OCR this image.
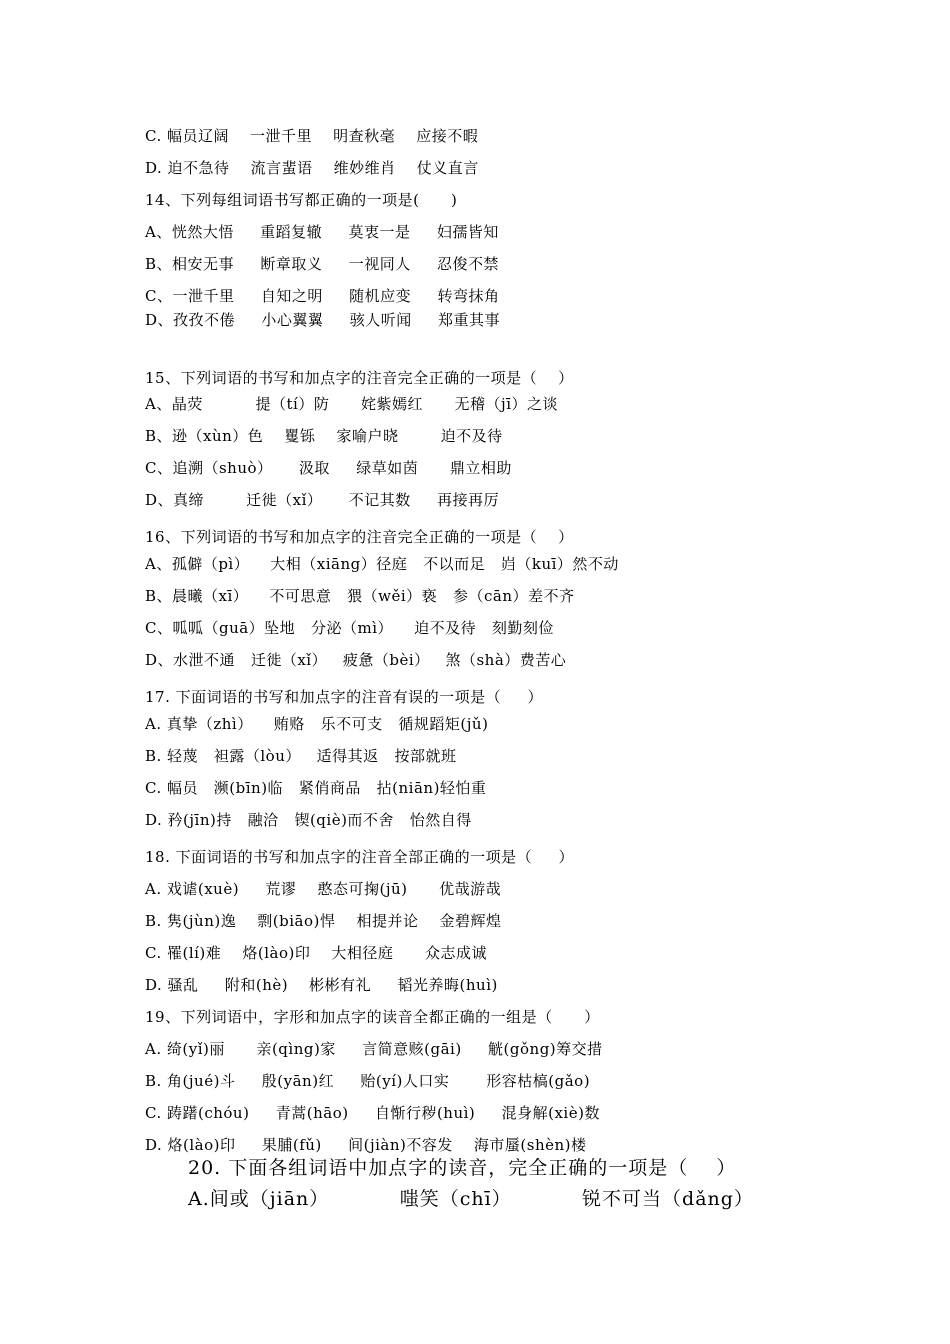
C. 幅员辽阔    一泄千里    明查秋毫    应接不暇
D. 迫不急待    流言蜚语    维妙维肖    仗义直言
14、下列每组词语书写都正确的一项是(      )
A、恍然大悟     重蹈复辙     莫衷一是     妇孺皆知
B、相安无事     断章取义     一视同人     忍俊不禁
C、一泄千里     自知之明     随机应变     转弯抹角
D、孜孜不倦     小心翼翼     骇人听闻     郑重其事
15、下列词语的书写和加点字的注音完全正确的一项是（    ）
A、晶荧          提（tí）防      姹紫嫣红      无稽（jī）之谈
B、逊（xùn）色    矍铄    家喻户晓        迫不及待
C、追溯（shuò）     汲取     绿草如茵      鼎立相助
D、真缔        迁徙（xǐ）     不记其数     再接再厉
16、下列词语的书写和加点字的注音完全正确的一项是（    ）
A、孤僻（pì）    大相（xiāng）径庭   不以而足   岿（kuī）然不动
B、晨曦（xī）    不可思意   猥（wěi）亵   参（cān）差不齐
C、呱呱（guā）坠地   分泌（mì）    迫不及待   刻勤刻俭
D、水泄不通   迁徙（xǐ）   疲惫（bèi）   煞（shà）费苦心
17. 下面词语的书写和加点字的注音有误的一项是（     ）
A. 真挚（zhì）    贿赂   乐不可支   循规蹈矩(jǔ)
B. 轻蔑   袒露（lòu）   适得其返   按部就班
C. 幅员   濒(bīn)临   紧俏商品   拈(niān)轻怕重
D. 矜(jīn)持   融洽   锲(qiè)而不舍   怡然自得
18. 下面词语的书写和加点字的注音全部正确的一项是（     ）
A. 戏谑(xuè)     荒谬    憨态可掬(jū)      优哉游哉
B. 隽(jùn)逸    剽(biāo)悍    相提并论    金碧辉煌
C. 罹(lí)难    烙(lào)印    大相径庭      众志成诚
D. 骚乱     附和(hè)    彬彬有礼     韬光养晦(huì)
19、下列词语中，字形和加点字的读音全都正确的一组是（      ）
A. 绮(yǐ)丽      亲(qìng)家     言简意赅(gāi)     觥(gǒng)筹交措
B. 角(jué)斗     殷(yān)红     贻(yí)人口实       形容枯槁(gǎo)
C. 踌躇(chóu)     青蒿(hāo)     自惭行秽(huì)     混身解(xiè)数
D. 烙(lào)印     果脯(fǔ)     间(jiàn)不容发    海市蜃(shèn)楼
20. 下面各组词语中加点字的读音，完全正确的一项是（    ）
A.间或（jiān）          嗤笑（chī）          锐不可当（dǎng）
